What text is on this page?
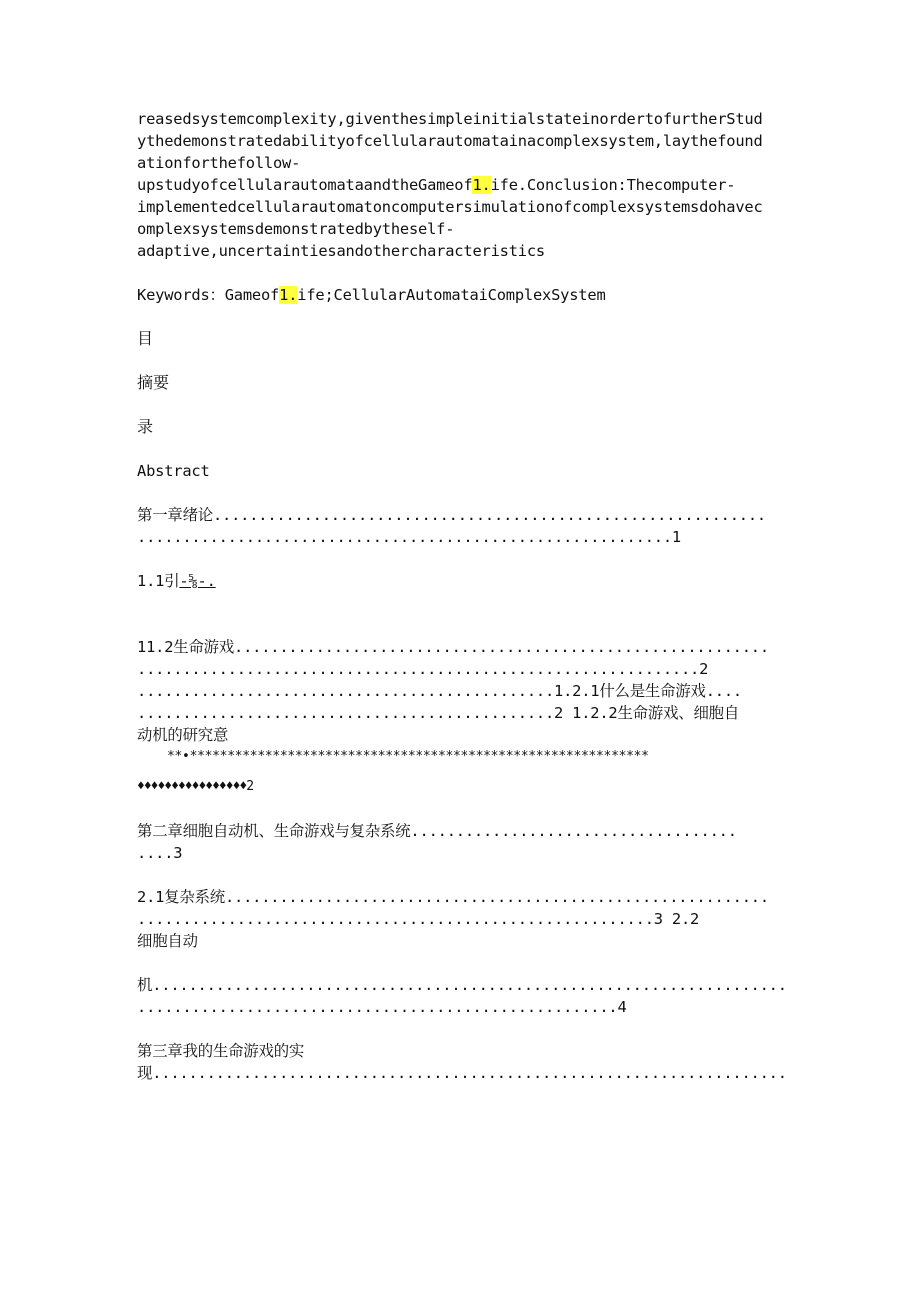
reasedsystemcomplexity,giventhesimpleinitialstateinordertofurtherStud
ythedemonstratedabilityofcellularautomatainacomplexsystem,laythefound
ationforthefollow-
upstudyofcellularautomataandtheGameof1.ife.Conclusion:Thecomputer-
implementedcellularautomatoncomputersimulationofcomplexsystemsdohavec
omplexsystemsdemonstratedbytheself-
adaptive,uncertaintiesandothercharacteristics
Keywords：Gameof1.ife;CellularAutomataiComplexSystem
目
摘要
录
Abstract
第一章绪论.............................................................
...........................................................1
1.1引-⅝-.
11.2生命游戏...........................................................
..............................................................2
..............................................1.2.1什么是生命游戏....
..............................................2 1.2.2生命游戏、细胞自
动机的研究意
**•*************************************************************
♦♦♦♦♦♦♦♦♦♦♦♦♦♦♦♦2
第二章细胞自动机、生命游戏与复杂系统....................................
....3
2.1复杂系统............................................................
.........................................................3 2.2
细胞自动
机......................................................................
.....................................................4
第三章我的生命游戏的实
现......................................................................
